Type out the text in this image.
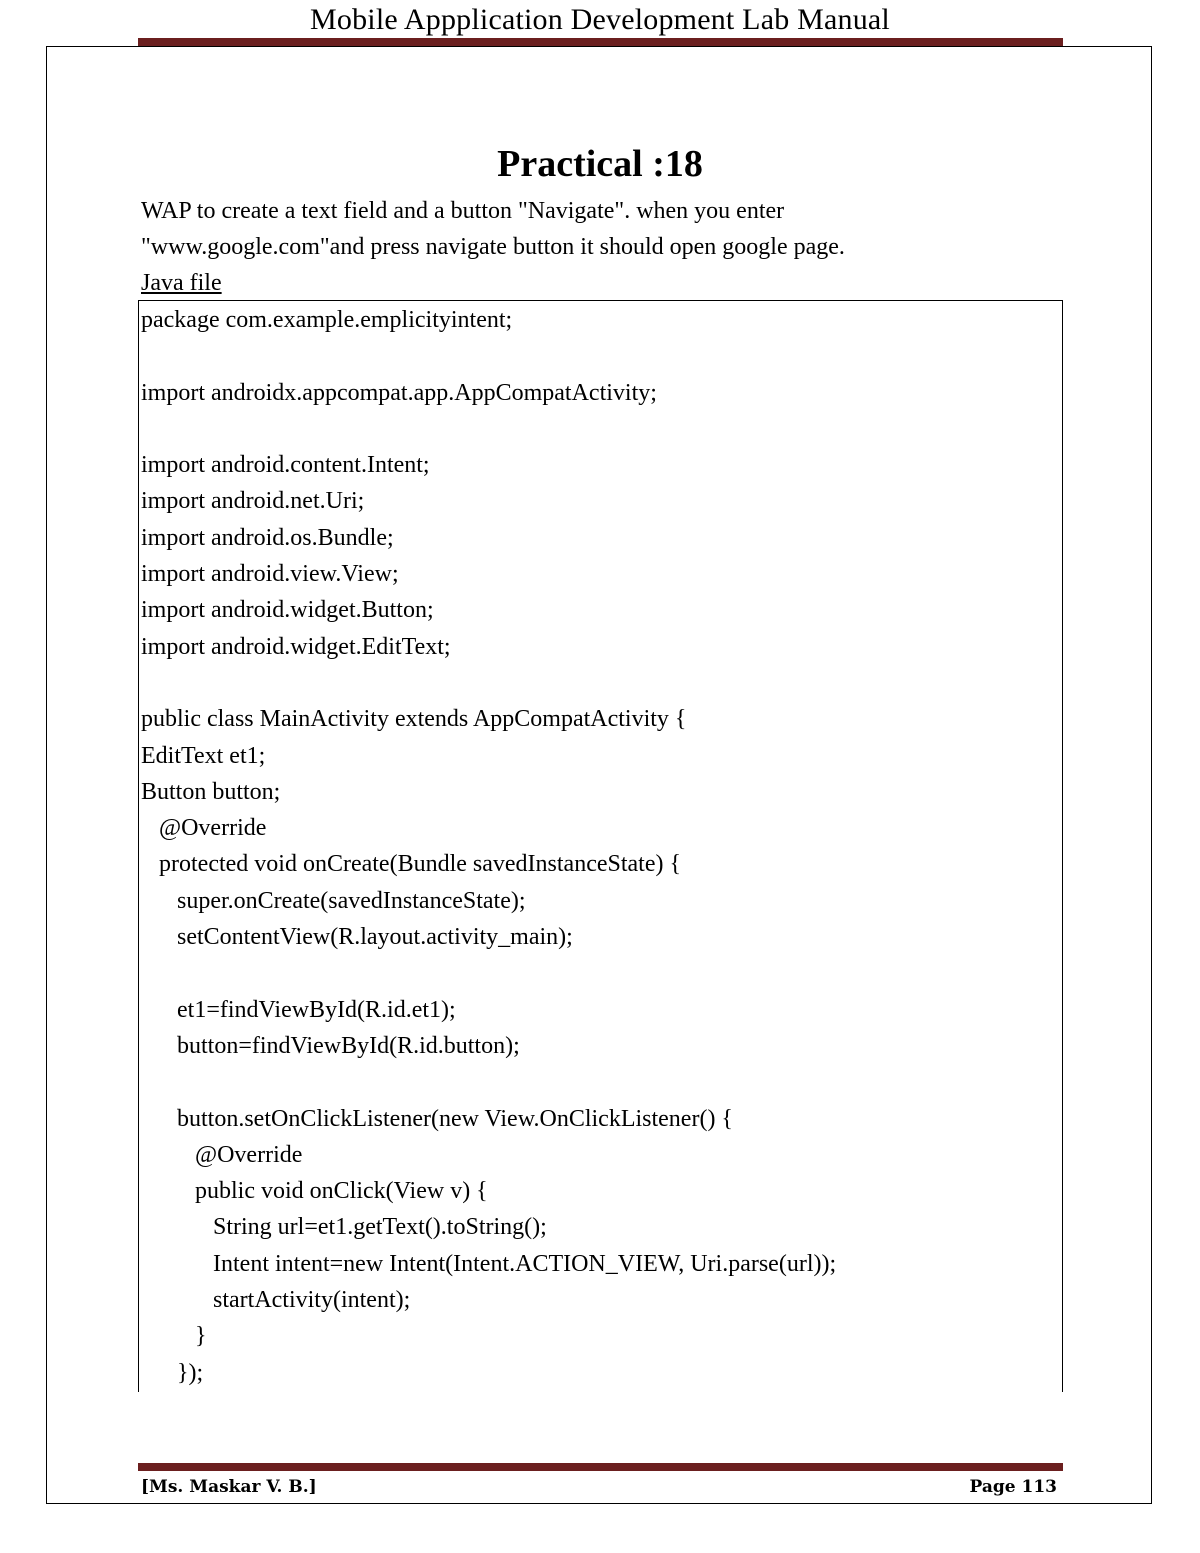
Mobile Appplication Development Lab Manual
Practical :18
WAP to create a text field and a button "Navigate". when you enter
"www.google.com"and press navigate button it should open google page.
Java file
package com.example.emplicityintent;
import androidx.appcompat.app.AppCompatActivity;
import android.content.Intent;
import android.net.Uri;
import android.os.Bundle;
import android.view.View;
import android.widget.Button;
import android.widget.EditText;
public class MainActivity extends AppCompatActivity {
EditText et1;
Button button;
@Override
protected void onCreate(Bundle savedInstanceState) {
super.onCreate(savedInstanceState);
setContentView(R.layout.activity_main);
et1=findViewById(R.id.et1);
button=findViewById(R.id.button);
button.setOnClickListener(new View.OnClickListener() {
@Override
public void onClick(View v) {
String url=et1.getText().toString();
Intent intent=new Intent(Intent.ACTION_VIEW, Uri.parse(url));
startActivity(intent);
}
});
[Ms. Maskar V. B.]	Page 113
